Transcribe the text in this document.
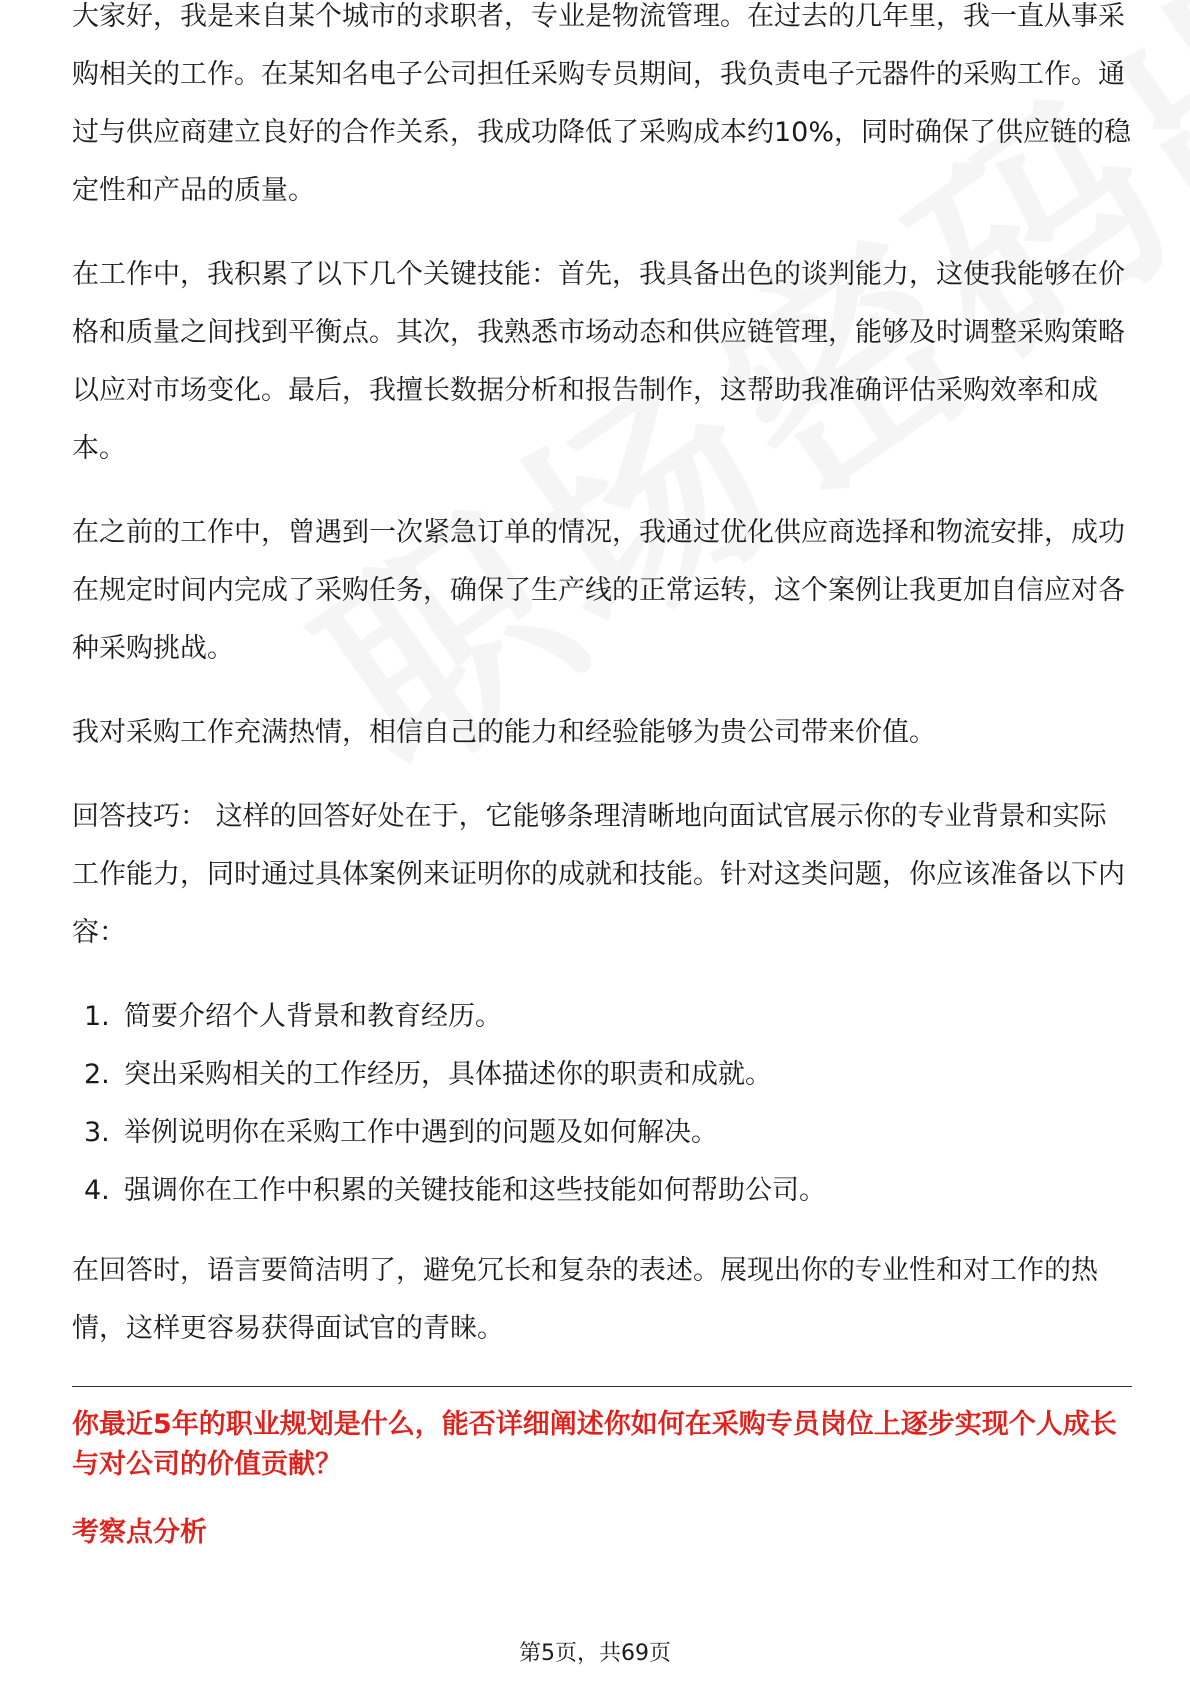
大家好，我是来自某个城市的求职者，专业是物流管理。在过去的几年里，我一直从事采购相关的工作。在某知名电子公司担任采购专员期间，我负责电子元器件的采购工作。通过与供应商建立良好的合作关系，我成功降低了采购成本约10%，同时确保了供应链的稳定性和产品的质量。

在工作中，我积累了以下几个关键技能：首先，我具备出色的谈判能力，这使我能够在价格和质量之间找到平衡点。其次，我熟悉市场动态和供应链管理，能够及时调整采购策略以应对市场变化。最后，我擅长数据分析和报告制作，这帮助我准确评估采购效率和成本。

在之前的工作中，曾遇到一次紧急订单的情况，我通过优化供应商选择和物流安排，成功在规定时间内完成了采购任务，确保了生产线的正常运转，这个案例让我更加自信应对各种采购挑战。

我对采购工作充满热情，相信自己的能力和经验能够为贵公司带来价值。

回答技巧： 这样的回答好处在于，它能够条理清晰地向面试官展示你的专业背景和实际工作能力，同时通过具体案例来证明你的成就和技能。针对这类问题，你应该准备以下内容：

1. 简要介绍个人背景和教育经历。
2. 突出采购相关的工作经历，具体描述你的职责和成就。
3. 举例说明你在采购工作中遇到的问题及如何解决。
4. 强调你在工作中积累的关键技能和这些技能如何帮助公司。

在回答时，语言要简洁明了，避免冗长和复杂的表述。展现出你的专业性和对工作的热情，这样更容易获得面试官的青睐。

你最近5年的职业规划是什么，能否详细阐述你如何在采购专员岗位上逐步实现个人成长与对公司的价值贡献？

考察点分析

第5页，共69页
